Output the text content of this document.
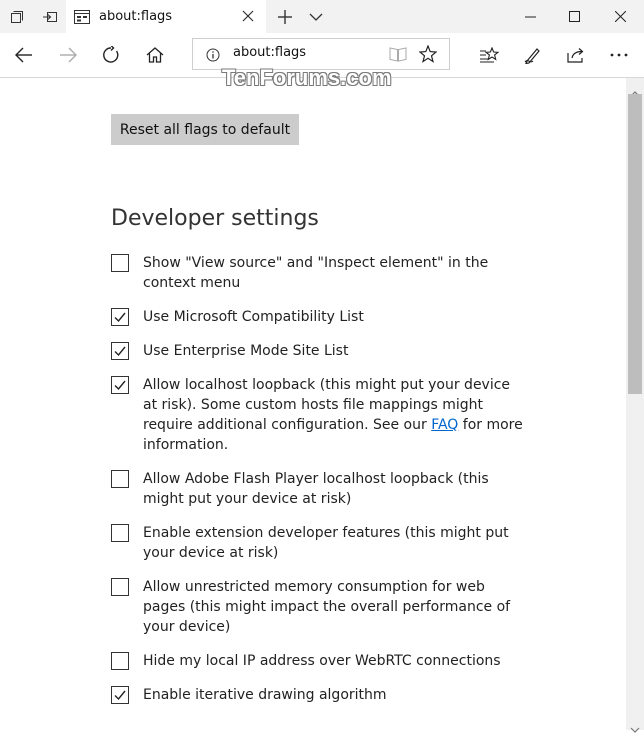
about:flags
about:flags
TenForums.com
Reset all flags to default
Developer settings
Show "View source" and "Inspect element" in the context menu
Use Microsoft Compatibility List
Use Enterprise Mode Site List
Allow localhost loopback (this might put your device at risk). Some custom hosts file mappings might require additional configuration. See our FAQ for more information.
Allow Adobe Flash Player localhost loopback (this might put your device at risk)
Enable extension developer features (this might put your device at risk)
Allow unrestricted memory consumption for web pages (this might impact the overall performance of your device)
Hide my local IP address over WebRTC connections
Enable iterative drawing algorithm
